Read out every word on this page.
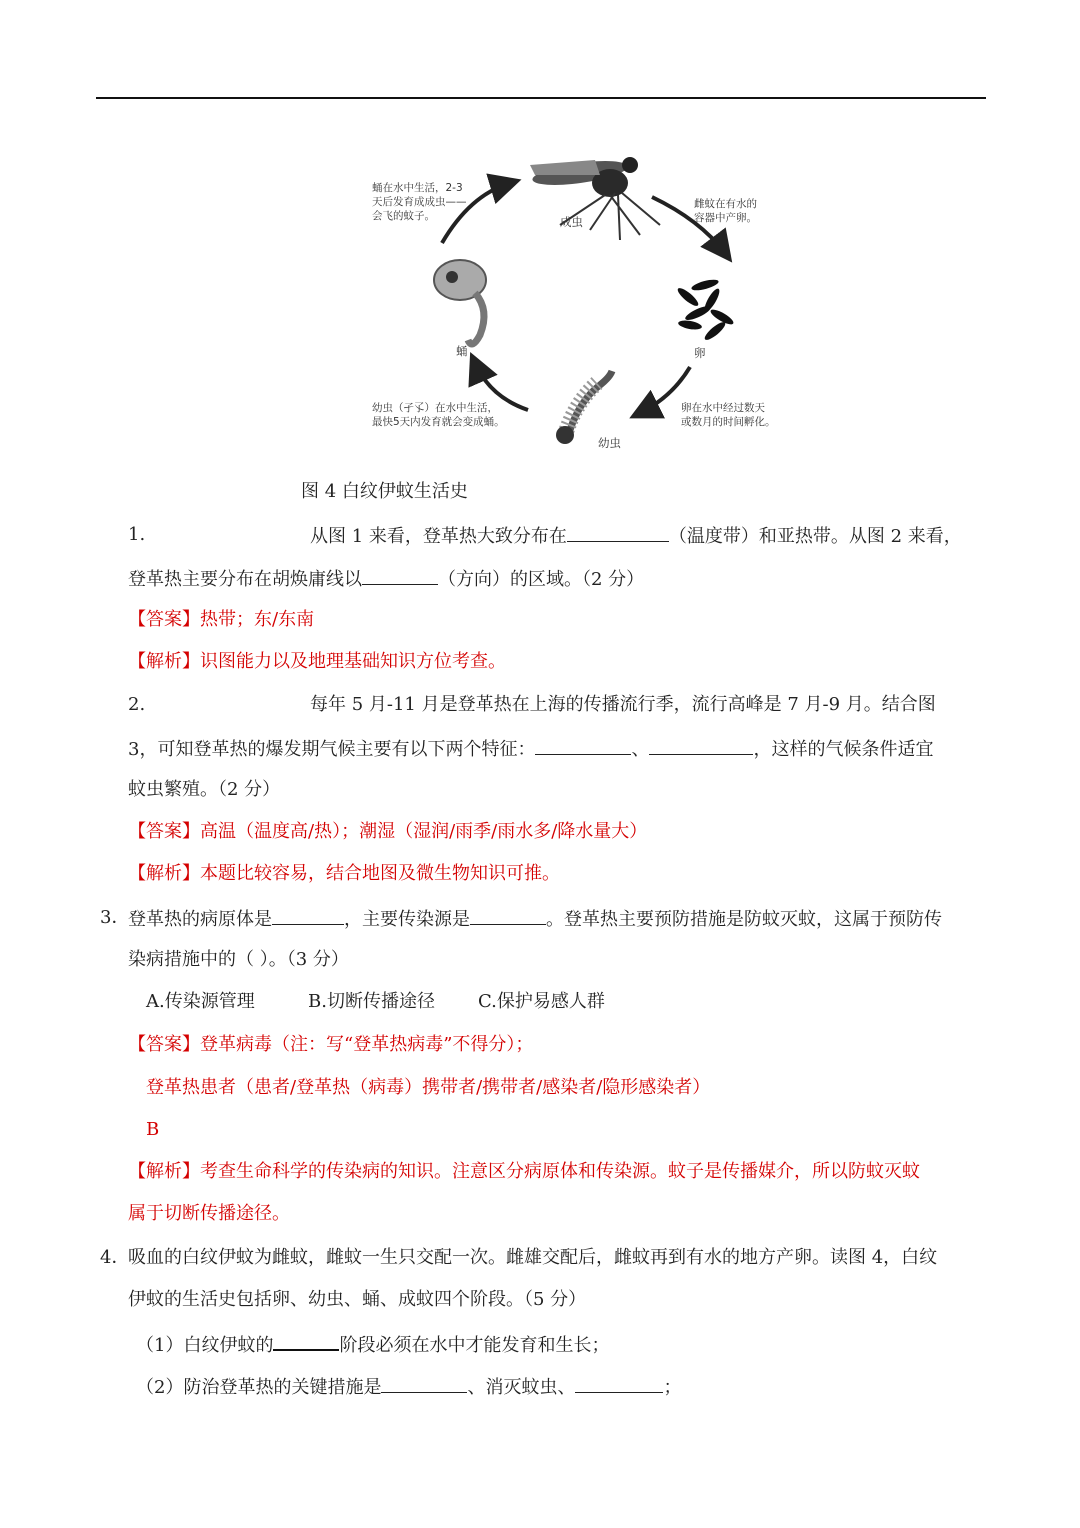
成虫
卵
幼虫
蛹
蛹在水中生活，2-3
天后发育成成虫——
会飞的蚊子。
雌蚊在有水的
容器中产卵。
卵在水中经过数天
或数月的时间孵化。
幼虫（孑孓）在水中生活，
最快5天内发育就会变成蛹。
图 4 白纹伊蚊生活史
1.	从图 1 来看，登革热大致分布在	（温度带）和亚热带。从图 2 来看，
登革热主要分布在胡焕庸线以	（方向）的区域。（2 分）
【答案】热带；东/东南
【解析】识图能力以及地理基础知识方位考查。
2.	每年 5 月-11 月是登革热在上海的传播流行季，流行高峰是 7 月-9 月。结合图
3，可知登革热的爆发期气候主要有以下两个特征：	、	，这样的气候条件适宜
蚊虫繁殖。（2 分）
【答案】高温（温度高/热）；潮湿（湿润/雨季/雨水多/降水量大）
【解析】本题比较容易，结合地图及微生物知识可推。
3．
登革热的病原体是	，主要传染源是	。登革热主要预防措施是防蚊灭蚊，这属于预防传
染病措施中的（ ）。（3 分）
A.传染源管理	B.切断传播途径 C.保护易感人群
【答案】登革病毒（注：写“登革热病毒”不得分）；
登革热患者（患者/登革热（病毒）携带者/携带者/感染者/隐形感染者）
B
【解析】考查生命科学的传染病的知识。注意区分病原体和传染源。蚊子是传播媒介，所以防蚊灭蚊
属于切断传播途径。
4．
吸血的白纹伊蚊为雌蚊，雌蚊一生只交配一次。雌雄交配后，雌蚊再到有水的地方产卵。读图 4，白纹
伊蚊的生活史包括卵、幼虫、蛹、成蚊四个阶段。（5 分）
（1）白纹伊蚊的	阶段必须在水中才能发育和生长；
（2）防治登革热的关键措施是	、消灭蚊虫、	；
